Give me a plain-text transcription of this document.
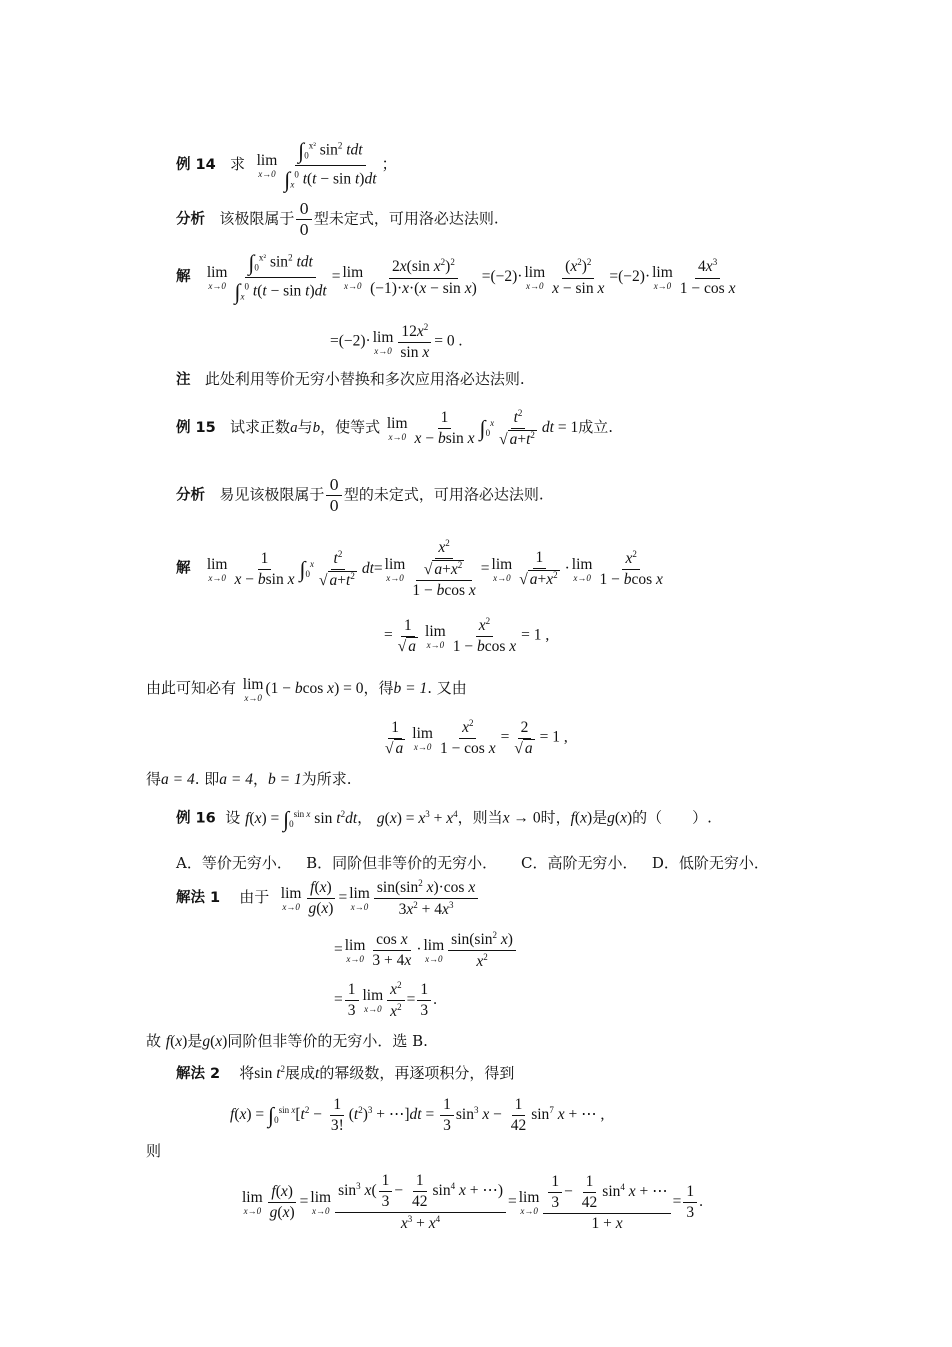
例 14 求 lim
$x\to 0 \frac{\int_0^{x^2} \sin^2 tdt}{\int_x^0 t(t - \sin t)dt}$ ；
分析 该极限属于 $\frac{0}{0}$ 型未定式，可用洛必达法则.
解 lim
$x\to 0 \frac{\int_0^{x^2} \sin^2 tdt}{\int_x^0 t(t - \sin t)dt} = \lim$
$x\to 0 \frac{2x(\sin x^2)^2}{\text{(−1)·x·(x − sin x)}} =(-2)\cdot \lim$
$x\to 0 \frac{(x^2)^2}{\text{x − sin x}} =(-2)\cdot \lim$
$x\to 0 \frac{4x^3}{\text{1 − cos x}}$
=(−2)· lim
$x\to 0 \frac{12x^2}{\text{sin x}} = 0$ .
注 此处利用等价无穷小替换和多次应用洛必达法则.
例 15 试求正数a与b，使等式 lim
$x\to 0 \frac{1}{\text{x − bsin x}} \int_0^x \frac{t^2}{√ a+t^2}$ dt = 1成立.
分析 易见该极限属于 $\frac{0}{0}$ 型的未定式，可用洛必达法则.
解 lim
$x\to 0 \frac{1}{\text{x − bsin x}} \int_0^x \frac{t^2}{√ a+t^2} dt= \lim$
$x\to 0 \frac{\frac{x^2}{√ a+x^2}}{\text{1 − bcos x}} = \lim$
$x\to 0 \frac{1}{√ a+x^2} \cdot \lim$
$x\to 0 \frac{x^2}{\text{1 − bcos x}}$
= $\frac{1}{√ a}$ lim
$x\to 0 \frac{x^2}{\text{1 − bcos x}} = 1$ ,
由此可知必有 lim
x→0
(1 − bcos x) = 0，得b = 1. 又由
$\frac{1}{√ a}$ lim
$x\to 0 \frac{x^2}{\text{1 − cos x}} = \frac{2}{√ a} = 1$ ,
得a = 4. 即a = 4，b = 1为所求.
例 16 设 $f(x) = \int_0^{sin x}$ $\sin t^2dt$， $g(x) = x^3 + x^4$，则当x → 0时，f(x)是g(x)的（　　）.
A．等价无穷小． B．同阶但非等价的无穷小． C．高阶无穷小． D．低阶无穷小．
解法 1 由于 lim
$x\to 0 \frac{f(x)}{g(x)} = \lim$
$x\to 0 \frac{\sin(\sin^2 x)\cdot\cos x}{3x^2 + 4x^3}$
= lim
$x\to 0 \frac{\text{cos x}}{3 + 4x} \cdot \lim$
$x\to 0 \frac{\sin(\sin^2 x)}{x^2}$
= $\frac{1}{3}$ lim
$x\to 0 \frac{x^2}{x^2} = \frac{1}{3}$ .
故 f(x)是g(x)同阶但非等价的无穷小．选 B.
解法 2 将$\sin t^2$展成t的幂级数，再逐项积分，得到
$f(x) = \int_0^{sin x}[t^2 - \frac{1}{3!} (t^2)^3$ + ⋯]dt = $\frac{1}{3} \sin^3 x - \frac{1}{42} \sin^7 x$ + ⋯ ,
则
lim
$x\to 0 \frac{f(x)}{g(x)} = \lim$
$x\to 0 \frac{\sin^3 x( \frac{1}{3} - \frac{1}{42} \sin^4 x + \cdots)}{x^3 + x^4} = \lim$
$x\to 0 \frac{\frac{1}{3} - \frac{1}{42} \sin^4 x + \cdots}{1 + x} = \frac{1}{3}$ .
